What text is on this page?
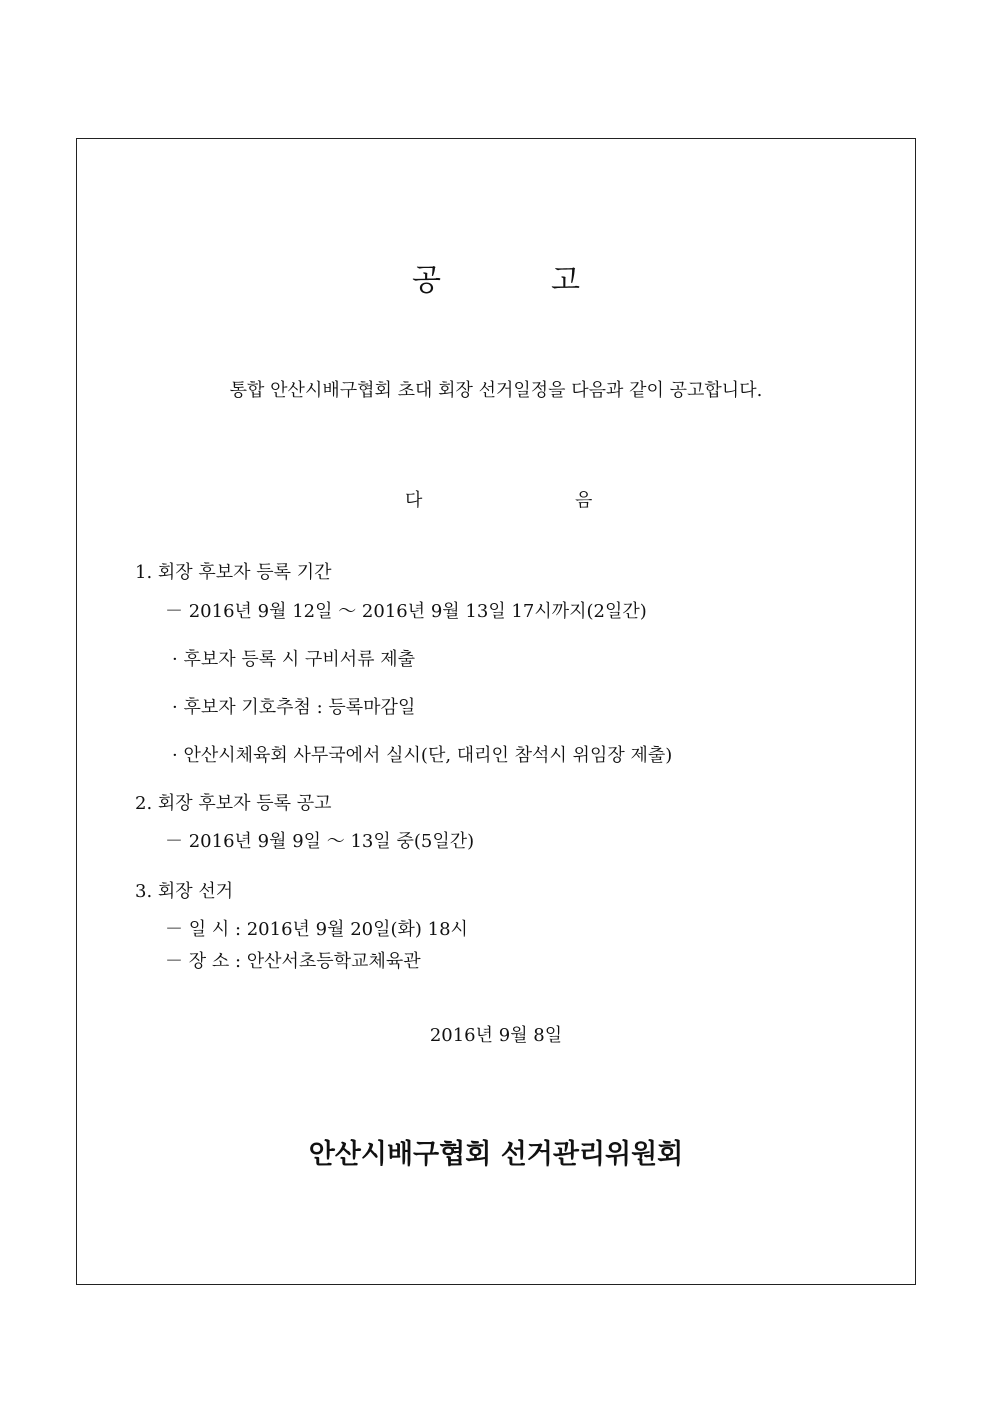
공	고
통합 안산시배구협회 초대 회장 선거일정을 다음과 같이 공고합니다.
다	음
1. 회장 후보자 등록 기간
－ 2016년 9월 12일 ～ 2016년 9월 13일 17시까지(2일간)
· 후보자 등록 시 구비서류 제출
· 후보자 기호추첨 : 등록마감일
· 안산시체육회 사무국에서 실시(단, 대리인 참석시 위임장 제출)
2. 회장 후보자 등록 공고
－ 2016년 9월 9일 ～ 13일 중(5일간)
3. 회장 선거
－ 일 시 : 2016년 9월 20일(화) 18시
－ 장 소 : 안산서초등학교체육관
2016년 9월 8일
안산시배구협회 선거관리위원회
